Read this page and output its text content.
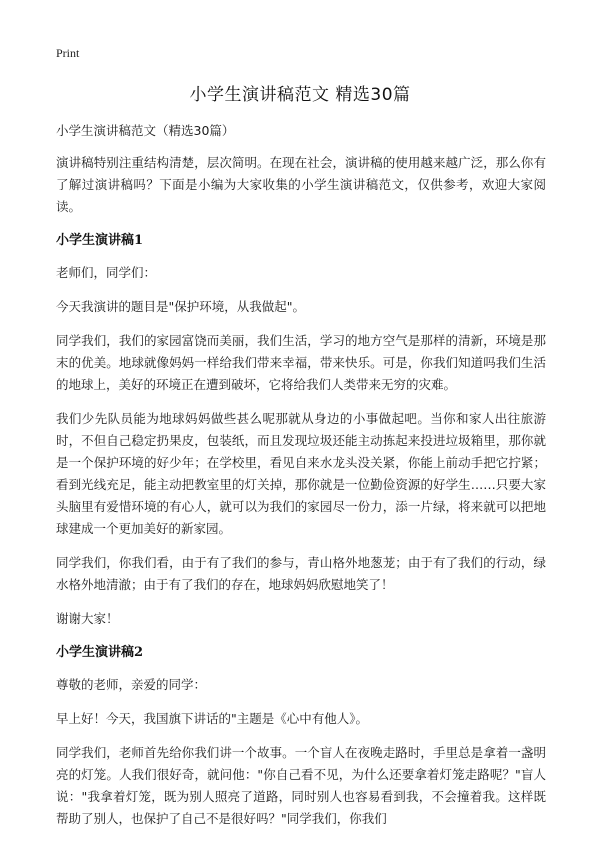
Print
小学生演讲稿范文 精选30篇

小学生演讲稿范文（精选30篇）

演讲稿特别注重结构清楚，层次简明。在现在社会，演讲稿的使用越来越广泛，那么你有了解过演讲稿吗？下面是小编为大家收集的小学生演讲稿范文，仅供参考，欢迎大家阅读。

小学生演讲稿1

老师们，同学们：

今天我演讲的题目是"保护环境，从我做起"。

同学我们，我们的家园富饶而美丽，我们生活，学习的地方空气是那样的清新，环境是那末的优美。地球就像妈妈一样给我们带来幸福，带来快乐。可是，你我们知道吗我们生活的地球上，美好的环境正在遭到破坏，它将给我们人类带来无穷的灾难。

我们少先队员能为地球妈妈做些甚么呢那就从身边的小事做起吧。当你和家人出往旅游时，不但自己稳定扔果皮，包装纸，而且发现垃圾还能主动拣起来投进垃圾箱里，那你就是一个保护环境的好少年；在学校里，看见自来水龙头没关紧，你能上前动手把它拧紧；看到光线充足，能主动把教室里的灯关掉，那你就是一位勤俭资源的好学生……只要大家头脑里有爱惜环境的有心人，就可以为我们的家园尽一份力，添一片绿，将来就可以把地球建成一个更加美好的新家园。

同学我们，你我们看，由于有了我们的参与，青山格外地葱茏；由于有了我们的行动，绿水格外地清澈；由于有了我们的存在，地球妈妈欣慰地笑了！

谢谢大家！

小学生演讲稿2

尊敬的老师，亲爱的同学：

早上好！今天，我国旗下讲话的"主题是《心中有他人》。

同学我们，老师首先给你我们讲一个故事。一个盲人在夜晚走路时，手里总是拿着一盏明亮的灯笼。人我们很好奇，就问他："你自己看不见，为什么还要拿着灯笼走路呢？"盲人说："我拿着灯笼，既为别人照亮了道路，同时别人也容易看到我，不会撞着我。这样既帮助了别人，也保护了自己不是很好吗？"同学我们，你我们
